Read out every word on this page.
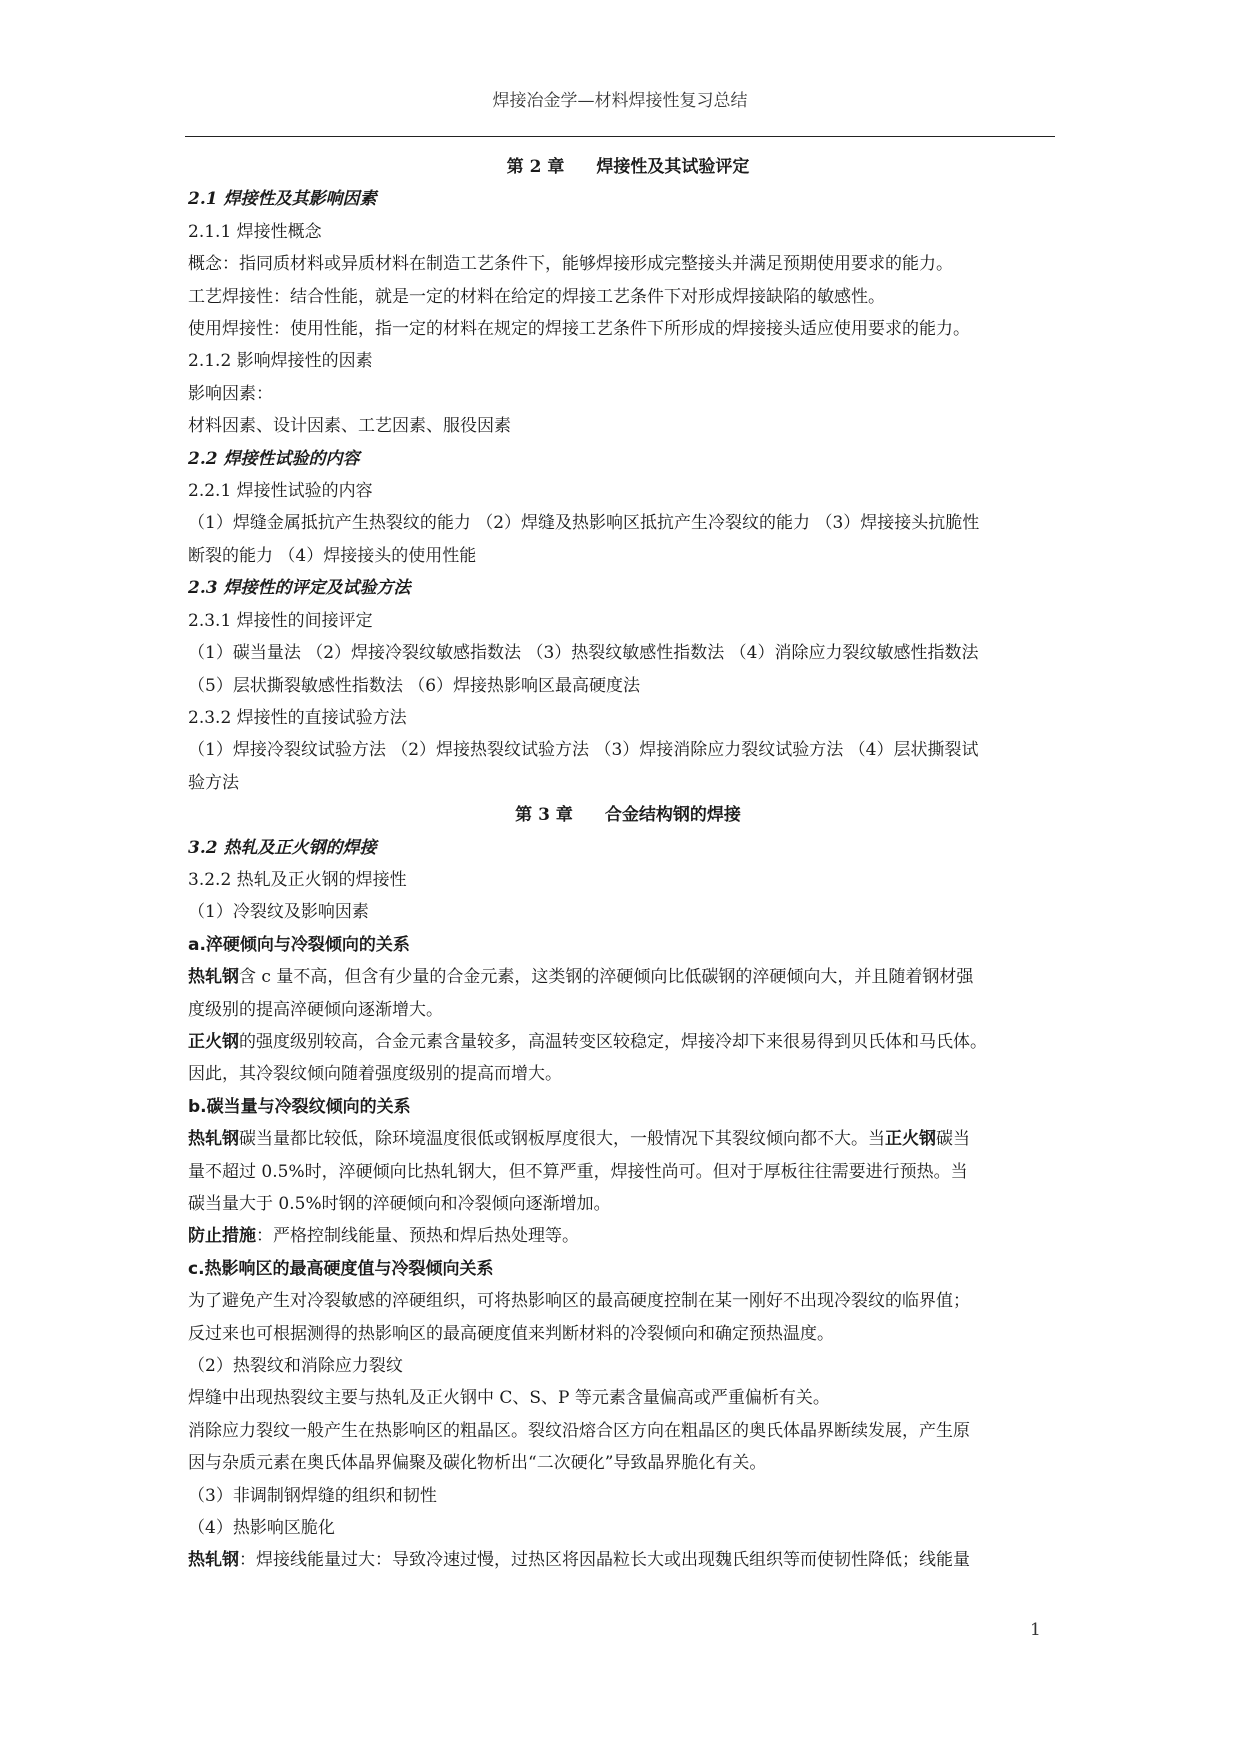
焊接冶金学—材料焊接性复习总结
第 2 章 焊接性及其试验评定
2.1 焊接性及其影响因素
2.1.1 焊接性概念
概念：指同质材料或异质材料在制造工艺条件下，能够焊接形成完整接头并满足预期使用要求的能力。
工艺焊接性：结合性能，就是一定的材料在给定的焊接工艺条件下对形成焊接缺陷的敏感性。
使用焊接性：使用性能，指一定的材料在规定的焊接工艺条件下所形成的焊接接头适应使用要求的能力。
2.1.2 影响焊接性的因素
影响因素：
材料因素、设计因素、工艺因素、服役因素
2.2 焊接性试验的内容
2.2.1 焊接性试验的内容
（1）焊缝金属抵抗产生热裂纹的能力 （2）焊缝及热影响区抵抗产生冷裂纹的能力 （3）焊接接头抗脆性
断裂的能力 （4）焊接接头的使用性能
2.3 焊接性的评定及试验方法
2.3.1 焊接性的间接评定
（1）碳当量法 （2）焊接冷裂纹敏感指数法 （3）热裂纹敏感性指数法 （4）消除应力裂纹敏感性指数法
（5）层状撕裂敏感性指数法 （6）焊接热影响区最高硬度法
2.3.2 焊接性的直接试验方法
（1）焊接冷裂纹试验方法 （2）焊接热裂纹试验方法 （3）焊接消除应力裂纹试验方法 （4）层状撕裂试
验方法
第 3 章 合金结构钢的焊接
3.2 热轧及正火钢的焊接
3.2.2 热轧及正火钢的焊接性
（1）冷裂纹及影响因素
a.淬硬倾向与冷裂倾向的关系
热轧钢含 c 量不高，但含有少量的合金元素，这类钢的淬硬倾向比低碳钢的淬硬倾向大，并且随着钢材强
度级别的提高淬硬倾向逐渐增大。
正火钢的强度级别较高，合金元素含量较多，高温转变区较稳定，焊接冷却下来很易得到贝氏体和马氏体。
因此，其冷裂纹倾向随着强度级别的提高而增大。
b.碳当量与冷裂纹倾向的关系
热轧钢碳当量都比较低，除环境温度很低或钢板厚度很大，一般情况下其裂纹倾向都不大。当正火钢碳当
量不超过 0.5%时，淬硬倾向比热轧钢大，但不算严重，焊接性尚可。但对于厚板往往需要进行预热。当
碳当量大于 0.5%时钢的淬硬倾向和冷裂倾向逐渐增加。
防止措施：严格控制线能量、预热和焊后热处理等。
c.热影响区的最高硬度值与冷裂倾向关系
为了避免产生对冷裂敏感的淬硬组织，可将热影响区的最高硬度控制在某一刚好不出现冷裂纹的临界值；
反过来也可根据测得的热影响区的最高硬度值来判断材料的冷裂倾向和确定预热温度。
（2）热裂纹和消除应力裂纹
焊缝中出现热裂纹主要与热轧及正火钢中 C、S、P 等元素含量偏高或严重偏析有关。
消除应力裂纹一般产生在热影响区的粗晶区。裂纹沿熔合区方向在粗晶区的奥氏体晶界断续发展，产生原
因与杂质元素在奥氏体晶界偏聚及碳化物析出“二次硬化”导致晶界脆化有关。
（3）非调制钢焊缝的组织和韧性
（4）热影响区脆化
热轧钢：焊接线能量过大：导致冷速过慢，过热区将因晶粒长大或出现魏氏组织等而使韧性降低；线能量
1
